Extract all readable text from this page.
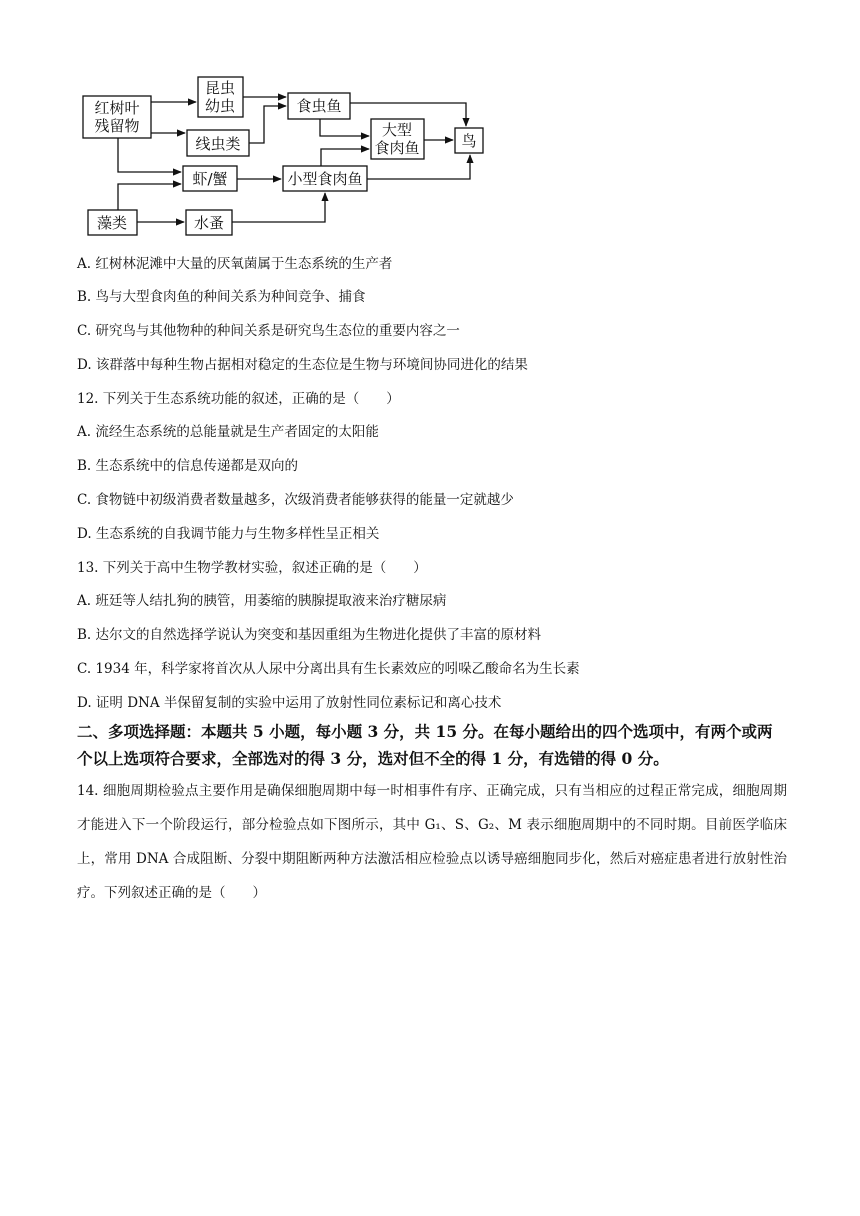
红树叶
残留物
昆虫
幼虫
线虫类
食虫鱼
大型
食肉鱼	鸟
虾/蟹	小型食肉鱼
藻类	水蚤
A. 红树林泥滩中大量的厌氧菌属于生态系统的生产者
B. 鸟与大型食肉鱼的种间关系为种间竞争、捕食
C. 研究鸟与其他物种的种间关系是研究鸟生态位的重要内容之一
D. 该群落中每种生物占据相对稳定的生态位是生物与环境间协同进化的结果
12. 下列关于生态系统功能的叙述，正确的是（　　）
A. 流经生态系统的总能量就是生产者固定的太阳能
B. 生态系统中的信息传递都是双向的
C. 食物链中初级消费者数量越多，次级消费者能够获得的能量一定就越少
D. 生态系统的自我调节能力与生物多样性呈正相关
13. 下列关于高中生物学教材实验，叙述正确的是（　　）
A. 班廷等人结扎狗的胰管，用萎缩的胰腺提取液来治疗糖尿病
B. 达尔文的自然选择学说认为突变和基因重组为生物进化提供了丰富的原材料
C. 1934 年，科学家将首次从人尿中分离出具有生长素效应的吲哚乙酸命名为生长素
D. 证明 DNA 半保留复制的实验中运用了放射性同位素标记和离心技术
二、多项选择题：本题共 5 小题，每小题 3 分，共 15 分。在每小题给出的四个选项中，有两个或两个以上选项符合要求，全部选对的得 3 分，选对但不全的得 1 分，有选错的得 0 分。
14. 细胞周期检验点主要作用是确保细胞周期中每一时相事件有序、正确完成，只有当相应的过程正常完成，细胞周期才能进入下一个阶段运行，部分检验点如下图所示，其中 G₁、S、G₂、M 表示细胞周期中的不同时期。目前医学临床上，常用 DNA 合成阻断、分裂中期阻断两种方法激活相应检验点以诱导癌细胞同步化，然后对癌症患者进行放射性治疗。下列叙述正确的是（　　）
